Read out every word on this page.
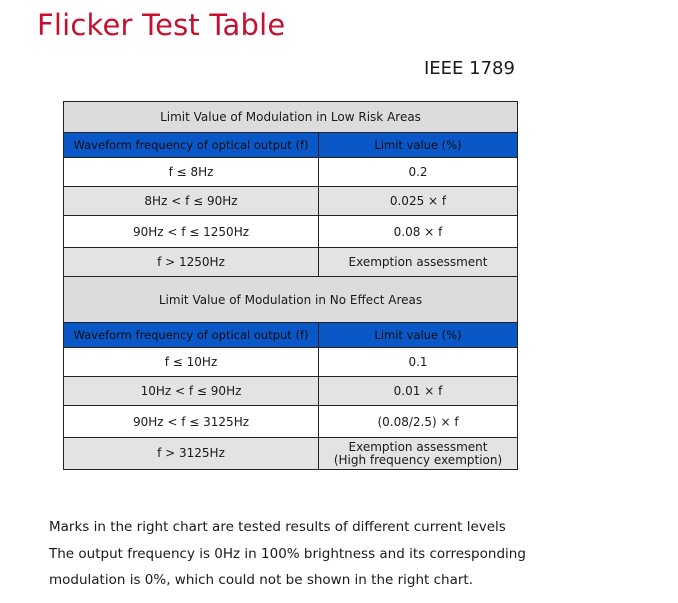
Flicker Test Table
IEEE 1789
Limit Value of Modulation in Low Risk Areas	
Waveform frequency of optical output (f)	Limit value (%)
f ≤ 8Hz	0.2
8Hz < f ≤ 90Hz	0.025 × f
90Hz < f ≤ 1250Hz	0.08 × f
f > 1250Hz	Exemption assessment
Limit Value of Modulation in No Effect Areas	
Waveform frequency of optical output (f)	Limit value (%)
f ≤ 10Hz	0.1
10Hz < f ≤ 90Hz	0.01 × f
90Hz < f ≤ 3125Hz	(0.08/2.5) × f
f > 3125Hz	Exemption assessment
(High frequency exemption)
Marks in the right chart are tested results of different current levels
The output frequency is 0Hz in 100% brightness and its corresponding
modulation is 0%, which could not be shown in the right chart.
